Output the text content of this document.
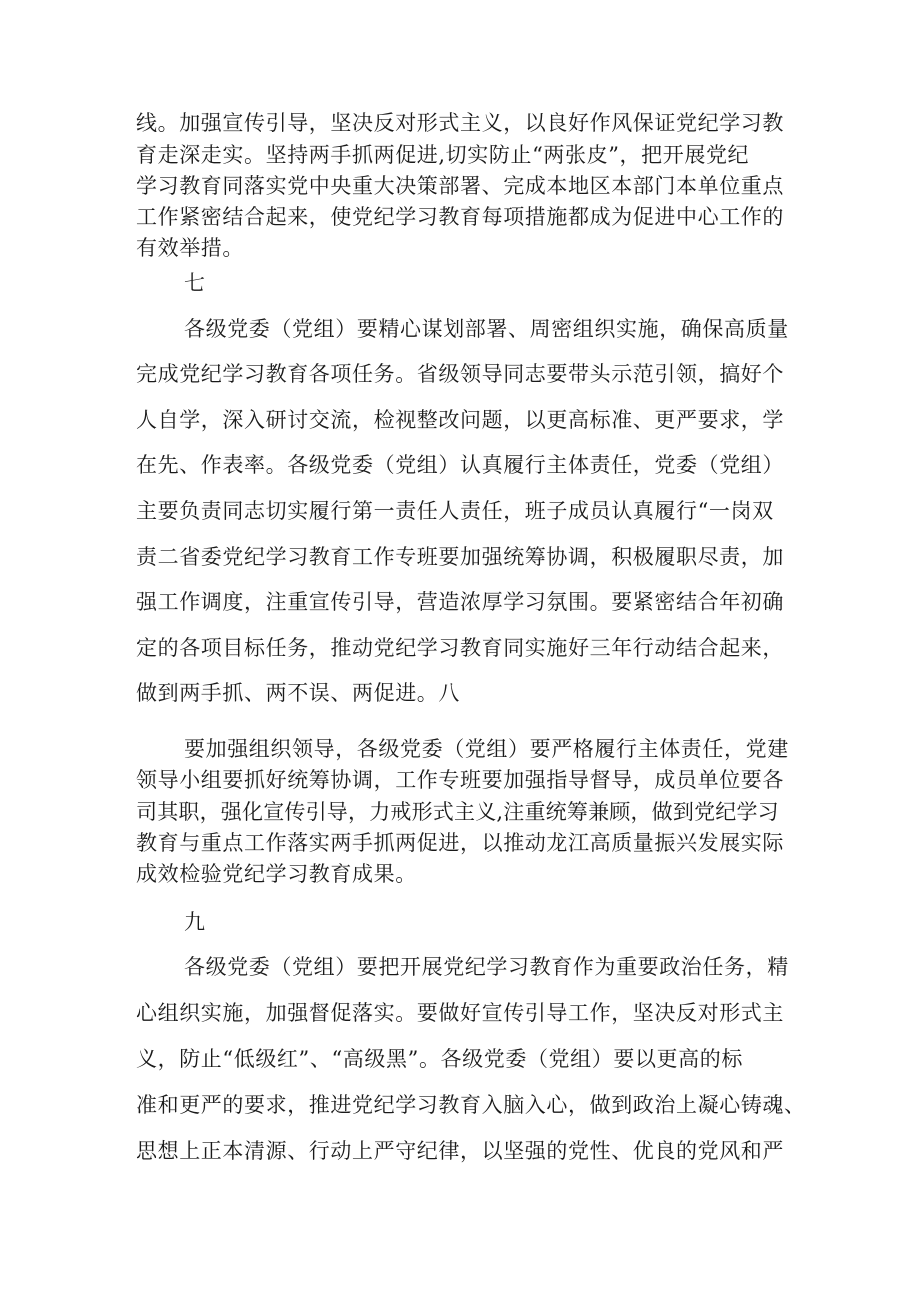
线。加强宣传引导，坚决反对形式主义，以良好作风保证党纪学习教
育走深走实。坚持两手抓两促进,切实防止“两张皮”，把开展党纪
学习教育同落实党中央重大决策部署、完成本地区本部门本单位重点
工作紧密结合起来，使党纪学习教育每项措施都成为促进中心工作的
有效举措。
七
各级党委（党组）要精心谋划部署、周密组织实施，确保高质量
完成党纪学习教育各项任务。省级领导同志要带头示范引领，搞好个
人自学，深入研讨交流，检视整改问题，以更高标准、更严要求，学
在先、作表率。各级党委（党组）认真履行主体责任，党委（党组）
主要负责同志切实履行第一责任人责任，班子成员认真履行“一岗双
责二省委党纪学习教育工作专班要加强统筹协调，积极履职尽责，加
强工作调度，注重宣传引导，营造浓厚学习氛围。要紧密结合年初确
定的各项目标任务，推动党纪学习教育同实施好三年行动结合起来，
做到两手抓、两不误、两促进。八
要加强组织领导，各级党委（党组）要严格履行主体责任，党建
领导小组要抓好统筹协调，工作专班要加强指导督导，成员单位要各
司其职，强化宣传引导，力戒形式主义,注重统筹兼顾，做到党纪学习
教育与重点工作落实两手抓两促进，以推动龙江高质量振兴发展实际
成效检验党纪学习教育成果。
九
各级党委（党组）要把开展党纪学习教育作为重要政治任务，精
心组织实施，加强督促落实。要做好宣传引导工作，坚决反对形式主
义，防止“低级红”、“高级黑”。各级党委（党组）要以更高的标
准和更严的要求，推进党纪学习教育入脑入心，做到政治上凝心铸魂、
思想上正本清源、行动上严守纪律，以坚强的党性、优良的党风和严
